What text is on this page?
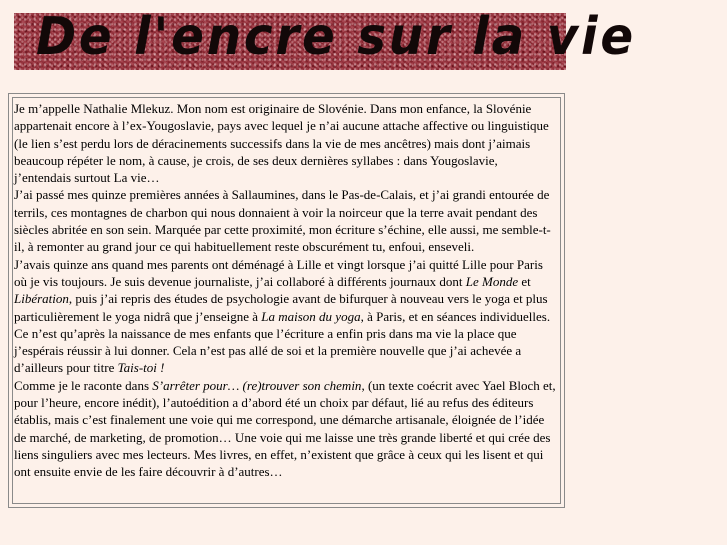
De l'encre sur la vie

Je m’appelle Nathalie Mlekuz. Mon nom est originaire de Slovénie. Dans mon enfance, la Slovénie appartenait encore à l’ex-Yougoslavie, pays avec lequel je n’ai aucune attache affective ou linguistique (le lien s’est perdu lors de déracinements successifs dans la vie de mes ancêtres) mais dont j’aimais beaucoup répéter le nom, à cause, je crois, de ses deux dernières syllabes : dans Yougoslavie, j’entendais surtout La vie…

J’ai passé mes quinze premières années à Sallaumines, dans le Pas-de-Calais, et j’ai grandi entourée de terrils, ces montagnes de charbon qui nous donnaient à voir la noirceur que la terre avait pendant des siècles abritée en son sein. Marquée par cette proximité, mon écriture s’échine, elle aussi, me semble-t-il, à remonter au grand jour ce qui habituellement reste obscurément tu, enfoui, enseveli.

J’avais quinze ans quand mes parents ont déménagé à Lille et vingt lorsque j’ai quitté Lille pour Paris où je vis toujours. Je suis devenue journaliste, j’ai collaboré à différents journaux dont Le Monde et Libération, puis j’ai repris des études de psychologie avant de bifurquer à nouveau vers le yoga et plus particulièrement le yoga nidrâ que j’enseigne à La maison du yoga, à Paris, et en séances individuelles. Ce n’est qu’après la naissance de mes enfants que l’écriture a enfin pris dans ma vie la place que j’espérais réussir à lui donner. Cela n’est pas allé de soi et la première nouvelle que j’ai achevée a d’ailleurs pour titre Tais-toi !

Comme je le raconte dans S’arrêter pour… (re)trouver son chemin, (un texte coécrit avec Yael Bloch et, pour l’heure, encore inédit), l’autoédition a d’abord été un choix par défaut, lié au refus des éditeurs établis, mais c’est finalement une voie qui me correspond, une démarche artisanale, éloignée de l’idée de marché, de marketing, de promotion… Une voie qui me laisse une très grande liberté et qui crée des liens singuliers avec mes lecteurs. Mes livres, en effet, n’existent que grâce à ceux qui les lisent et qui ont ensuite envie de les faire découvrir à d’autres…
